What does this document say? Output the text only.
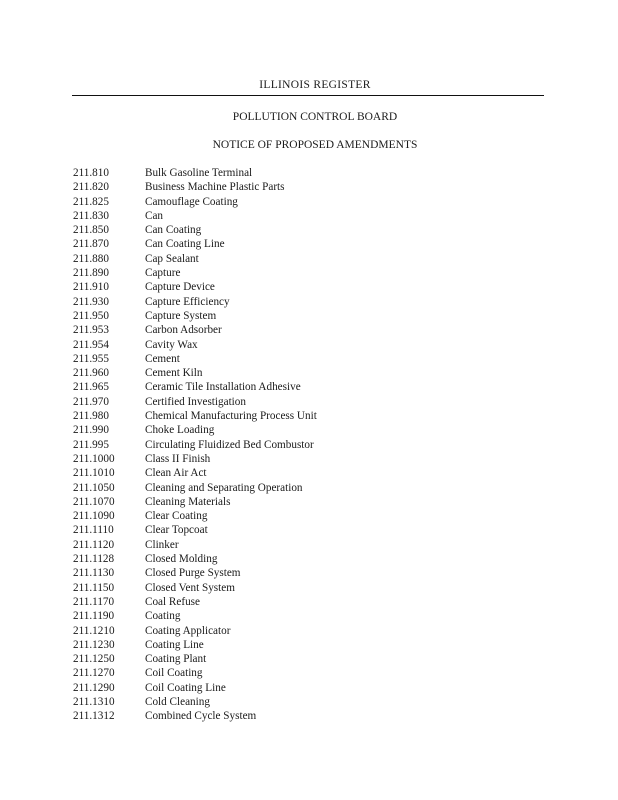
ILLINOIS REGISTER
POLLUTION CONTROL BOARD
NOTICE OF PROPOSED AMENDMENTS
211.810	Bulk Gasoline Terminal
211.820	Business Machine Plastic Parts
211.825	Camouflage Coating
211.830	Can
211.850	Can Coating
211.870	Can Coating Line
211.880	Cap Sealant
211.890	Capture
211.910	Capture Device
211.930	Capture Efficiency
211.950	Capture System
211.953	Carbon Adsorber
211.954	Cavity Wax
211.955	Cement
211.960	Cement Kiln
211.965	Ceramic Tile Installation Adhesive
211.970	Certified Investigation
211.980	Chemical Manufacturing Process Unit
211.990	Choke Loading
211.995	Circulating Fluidized Bed Combustor
211.1000	Class II Finish
211.1010	Clean Air Act
211.1050	Cleaning and Separating Operation
211.1070	Cleaning Materials
211.1090	Clear Coating
211.1110	Clear Topcoat
211.1120	Clinker
211.1128	Closed Molding
211.1130	Closed Purge System
211.1150	Closed Vent System
211.1170	Coal Refuse
211.1190	Coating
211.1210	Coating Applicator
211.1230	Coating Line
211.1250	Coating Plant
211.1270	Coil Coating
211.1290	Coil Coating Line
211.1310	Cold Cleaning
211.1312	Combined Cycle System
